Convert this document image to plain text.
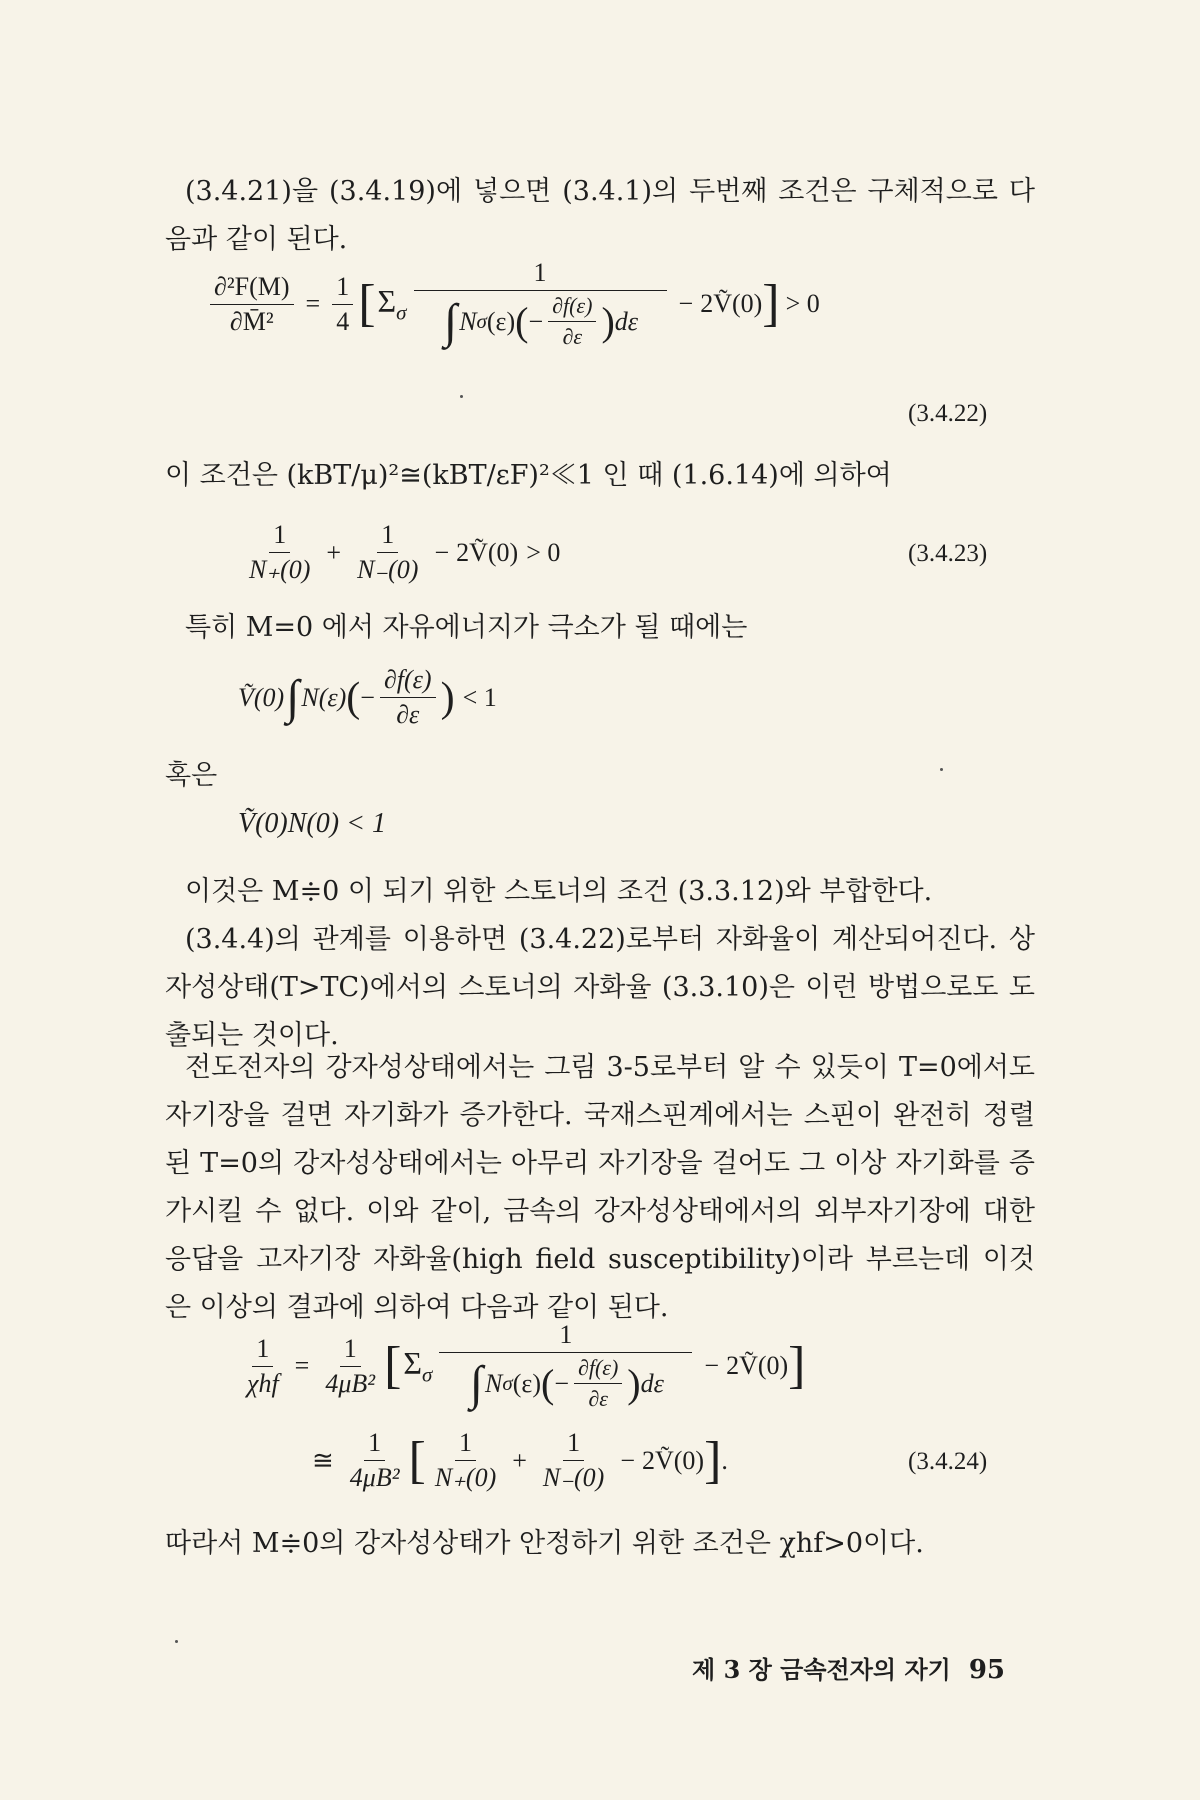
(3.4.21)을 (3.4.19)에 넣으면 (3.4.1)의 두번째 조건은 구체적으로 다음과 같이 된다.

$\frac{\text{∂²F(M)}}{\text{∂M̄²}} = \frac{1}{4}$ [ $\Sigma_\sigma$
1
∫ N σ (ε) ( − $\frac{\partial f(\varepsilon)}{\partial\varepsilon}$ ) dε
− 2Ṽ(0) ] > 0
(3.4.22)

이 조건은 (kBT/μ)²≅(kBT/εF)²≪1 인 때 (1.6.14)에 의하여

$\frac{1}{N_+(0)} + \frac{1}{N_-(0)}$ − 2Ṽ(0) > 0	(3.4.23)

특히 M=0 에서 자유에너지가 극소가 될 때에는

Ṽ(0) ∫ N(ε) ( − $\frac{\partial f(\varepsilon)}{\partial\varepsilon}$ ) < 1

혹은

Ṽ(0)N(0) < 1

이것은 M≑0 이 되기 위한 스토너의 조건 (3.3.12)와 부합한다.

(3.4.4)의 관계를 이용하면 (3.4.22)로부터 자화율이 계산되어진다. 상자성상태(T>TC)에서의 스토너의 자화율 (3.3.10)은 이런 방법으로도 도출되는 것이다.

전도전자의 강자성상태에서는 그림 3-5로부터 알 수 있듯이 T=0에서도 자기장을 걸면 자기화가 증가한다. 국재스핀계에서는 스핀이 완전히 정렬된 T=0의 강자성상태에서는 아무리 자기장을 걸어도 그 이상 자기화를 증가시킬 수 없다. 이와 같이, 금속의 강자성상태에서의 외부자기장에 대한 응답을 고자기장 자화율(high field susceptibility)이라 부르는데 이것은 이상의 결과에 의하여 다음과 같이 된다.

$\frac{1}{\text{χhf}} = \frac{1}{\text{4μB²}}$ [ $\Sigma_\sigma$
1
∫ N σ (ε) ( − $\frac{\partial f(\varepsilon)}{\partial\varepsilon}$ ) dε
− 2Ṽ(0) ]
≅ $\frac{1}{\text{4μB²}}$ [ $\frac{1}{N_+(0)} + \frac{1}{N_-(0)}$ − 2Ṽ(0) ] .	(3.4.24)

따라서 M≑0의 강자성상태가 안정하기 위한 조건은 χhf>0이다.

제 3 장 금속전자의 자기 95
